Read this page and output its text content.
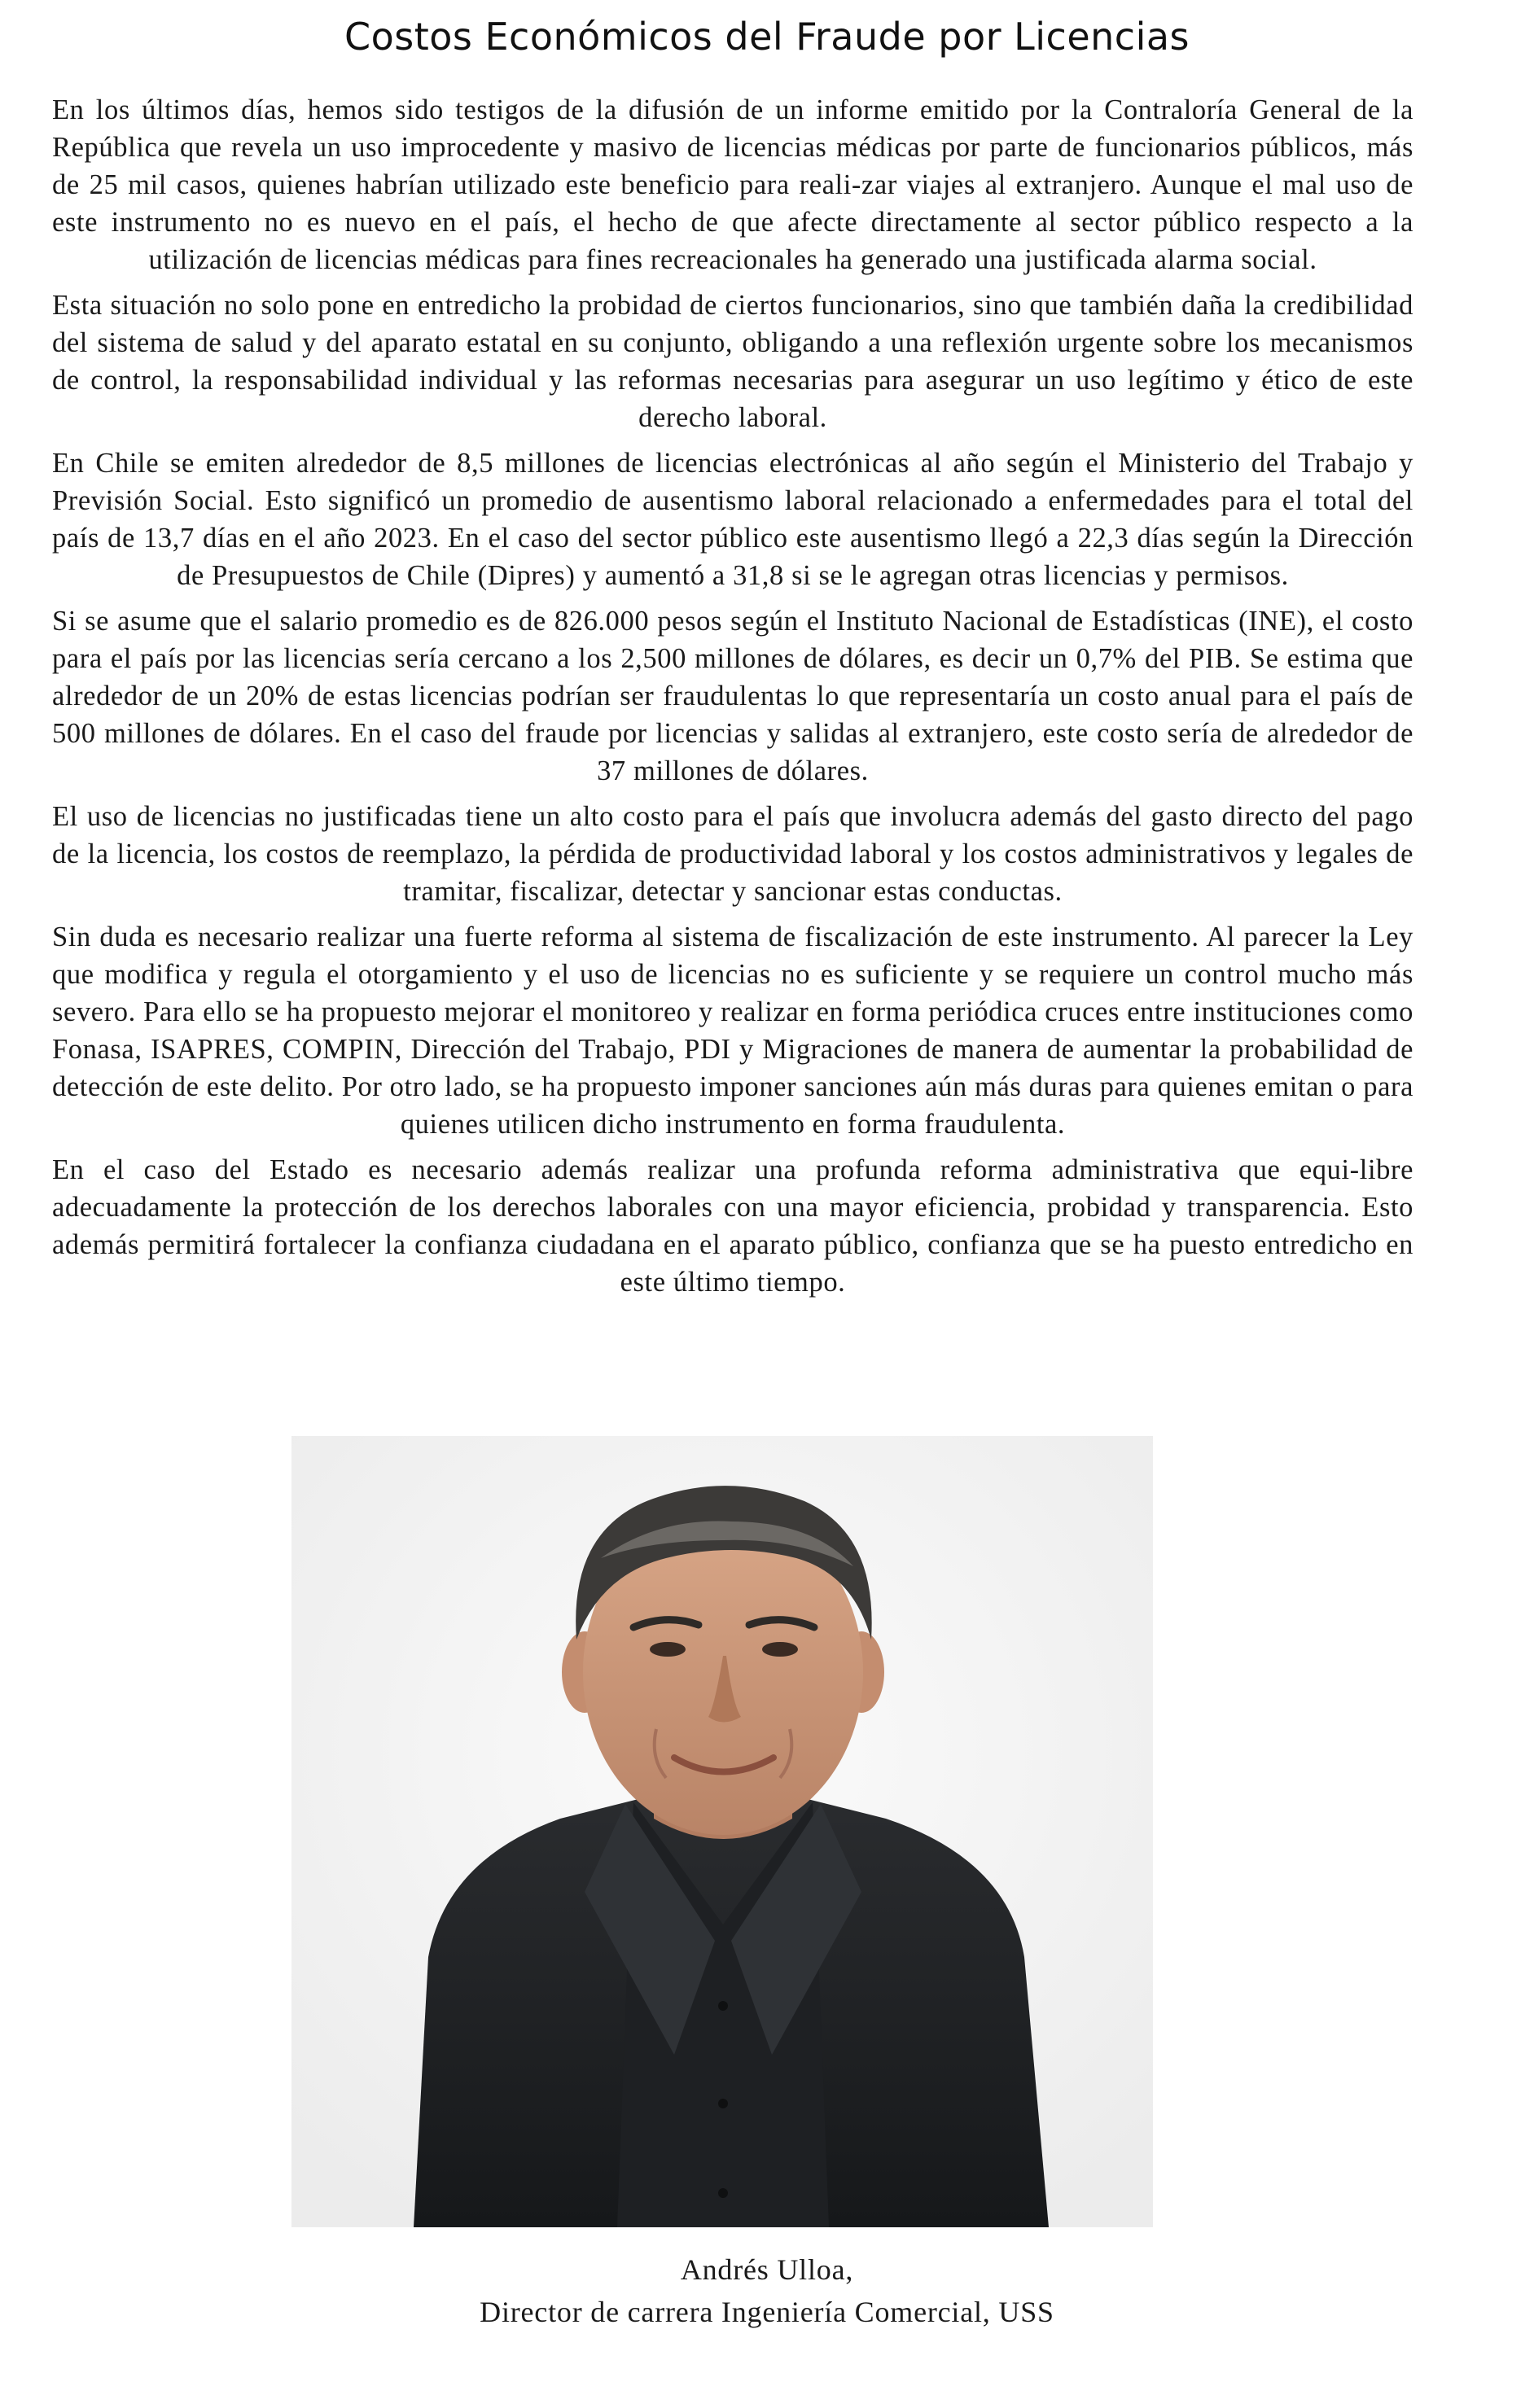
Costos Económicos del Fraude por Licencias

En los últimos días, hemos sido testigos de la difusión de un informe emitido por la Contraloría General de la República que revela un uso improcedente y masivo de licencias médicas por parte de funcionarios públicos, más de 25 mil casos, quienes habrían utilizado este beneficio para reali-zar viajes al extranjero. Aunque el mal uso de este instrumento no es nuevo en el país, el hecho de que afecte directamente al sector público respecto a la utilización de licencias médicas para fines recreacionales ha generado una justificada alarma social.

Esta situación no solo pone en entredicho la probidad de ciertos funcionarios, sino que también daña la credibilidad del sistema de salud y del aparato estatal en su conjunto, obligando a una reflexión urgente sobre los mecanismos de control, la responsabilidad individual y las reformas necesarias para asegurar un uso legítimo y ético de este derecho laboral.

En Chile se emiten alrededor de 8,5 millones de licencias electrónicas al año según el Ministerio del Trabajo y Previsión Social. Esto significó un promedio de ausentismo laboral relacionado a enfermedades para el total del país de 13,7 días en el año 2023. En el caso del sector público este ausentismo llegó a 22,3 días según la Dirección de Presupuestos de Chile (Dipres) y aumentó a 31,8 si se le agregan otras licencias y permisos.

Si se asume que el salario promedio es de 826.000 pesos según el Instituto Nacional de Estadísticas (INE), el costo para el país por las licencias sería cercano a los 2,500 millones de dólares, es decir un 0,7% del PIB. Se estima que alrededor de un 20% de estas licencias podrían ser fraudulentas lo que representaría un costo anual para el país de 500 millones de dólares. En el caso del fraude por licencias y salidas al extranjero, este costo sería de alrededor de 37 millones de dólares.

El uso de licencias no justificadas tiene un alto costo para el país que involucra además del gasto directo del pago de la licencia, los costos de reemplazo, la pérdida de productividad laboral y los costos administrativos y legales de tramitar, fiscalizar, detectar y sancionar estas conductas.

Sin duda es necesario realizar una fuerte reforma al sistema de fiscalización de este instrumento. Al parecer la Ley que modifica y regula el otorgamiento y el uso de licencias no es suficiente y se requiere un control mucho más severo. Para ello se ha propuesto mejorar el monitoreo y realizar en forma periódica cruces entre instituciones como Fonasa, ISAPRES, COMPIN, Dirección del Trabajo, PDI y Migraciones de manera de aumentar la probabilidad de detección de este delito. Por otro lado, se ha propuesto imponer sanciones aún más duras para quienes emitan o para quienes utilicen dicho instrumento en forma fraudulenta.

En el caso del Estado es necesario además realizar una profunda reforma administrativa que equi-libre adecuadamente la protección de los derechos laborales con una mayor eficiencia, probidad y transparencia. Esto además permitirá fortalecer la confianza ciudadana en el aparato público, confianza que se ha puesto entredicho en este último tiempo.

Andrés Ulloa,
Director de carrera Ingeniería Comercial, USS
